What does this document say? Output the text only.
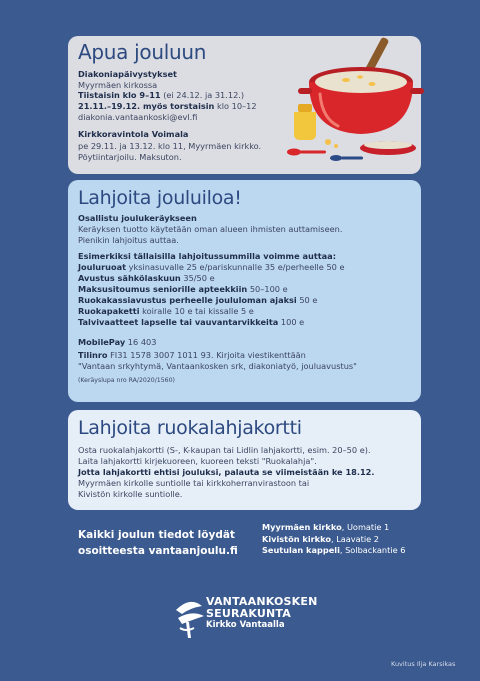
Apua jouluun
Diakoniapäivystykset
Myyrmäen kirkossa
Tiistaisin klo 9–11 (ei 24.12. ja 31.12.)
21.11.–19.12. myös torstaisin klo 10–12
diakonia.vantaankoski@evl.fi
Kirkkoravintola Voimala
pe 29.11. ja 13.12. klo 11, Myyrmäen kirkko.
Pöytiintarjoilu. Maksuton.
Lahjoita jouluiloa!
Osallistu joulukeräykseen
Keräyksen tuotto käytetään oman alueen ihmisten auttamiseen.
Pienikin lahjoitus auttaa.
Esimerkiksi tällaisilla lahjoitussummilla voimme auttaa:
Jouluruoat yksinasuvalle 25 e/pariskunnalle 35 e/perheelle 50 e
Avustus sähkölaskuun 35/50 e
Maksusitoumus seniorille apteekkiin 50–100 e
Ruokakassiavustus perheelle joululoman ajaksi 50 e
Ruokapaketti koiralle 10 e tai kissalle 5 e
Talvivaatteet lapselle tai vauvantarvikkeita 100 e
MobilePay 16 403
Tilinro FI31 1578 3007 1011 93. Kirjoita viestikenttään
"Vantaan srkyhtymä, Vantaankosken srk, diakoniatyö, jouluavustus"
(Keräyslupa nro RA/2020/1560)
Lahjoita ruokalahjakortti
Osta ruokalahjakortti (S-, K-kaupan tai Lidlin lahjakortti, esim. 20–50 e).
Laita lahjakortti kirjekuoreen, kuoreen teksti "Ruokalahja".
Jotta lahjakortti ehtisi jouluksi, palauta se viimeistään ke 18.12.
Myyrmäen kirkolle suntiolle tai kirkkoherranvirastoon tai
Kivistön kirkolle suntiolle.
Kaikki joulun tiedot löydät
osoitteesta vantaanjoulu.fi
Myyrmäen kirkko, Uomatie 1
Kivistön kirkko, Laavatie 2
Seutulan kappeli, Solbackantie 6
VANTAANKOSKEN
SEURAKUNTA
Kirkko Vantaalla
Kuvitus Ilja Karsikas
